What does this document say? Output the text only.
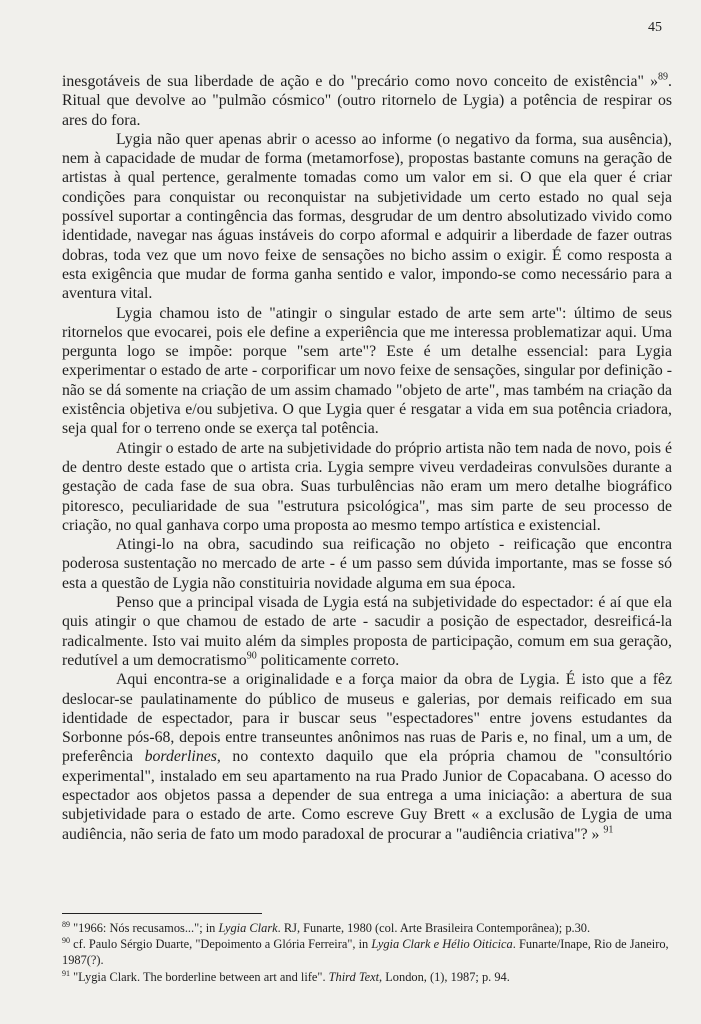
45

inesgotáveis de sua liberdade de ação e do "precário como novo conceito de existência" »$^{89}$. Ritual que devolve ao "pulmão cósmico" (outro ritornelo de Lygia) a potência de respirar os ares do fora.

Lygia não quer apenas abrir o acesso ao informe (o negativo da forma, sua ausência), nem à capacidade de mudar de forma (metamorfose), propostas bastante comuns na geração de artistas à qual pertence, geralmente tomadas como um valor em si. O que ela quer é criar condições para conquistar ou reconquistar na subjetividade um certo estado no qual seja possível suportar a contingência das formas, desgrudar de um dentro absolutizado vivido como identidade, navegar nas águas instáveis do corpo aformal e adquirir a liberdade de fazer outras dobras, toda vez que um novo feixe de sensações no bicho assim o exigir. É como resposta a esta exigência que mudar de forma ganha sentido e valor, impondo-se como necessário para a aventura vital.

Lygia chamou isto de "atingir o singular estado de arte sem arte": último de seus ritornelos que evocarei, pois ele define a experiência que me interessa problematizar aqui. Uma pergunta logo se impõe: porque "sem arte"? Este é um detalhe essencial: para Lygia experimentar o estado de arte - corporificar um novo feixe de sensações, singular por definição - não se dá somente na criação de um assim chamado "objeto de arte", mas também na criação da existência objetiva e/ou subjetiva. O que Lygia quer é resgatar a vida em sua potência criadora, seja qual for o terreno onde se exerça tal potência.

Atingir o estado de arte na subjetividade do próprio artista não tem nada de novo, pois é de dentro deste estado que o artista cria. Lygia sempre viveu verdadeiras convulsões durante a gestação de cada fase de sua obra. Suas turbulências não eram um mero detalhe biográfico pitoresco, peculiaridade de sua "estrutura psicológica", mas sim parte de seu processo de criação, no qual ganhava corpo uma proposta ao mesmo tempo artística e existencial.

Atingi-lo na obra, sacudindo sua reificação no objeto - reificação que encontra poderosa sustentação no mercado de arte - é um passo sem dúvida importante, mas se fosse só esta a questão de Lygia não constituiria novidade alguma em sua época.

Penso que a principal visada de Lygia está na subjetividade do espectador: é aí que ela quis atingir o que chamou de estado de arte - sacudir a posição de espectador, desreificá-la radicalmente. Isto vai muito além da simples proposta de participação, comum em sua geração, redutível a um democratismo$^{90}$ politicamente correto.

Aqui encontra-se a originalidade e a força maior da obra de Lygia. É isto que a fêz deslocar-se paulatinamente do público de museus e galerias, por demais reificado em sua identidade de espectador, para ir buscar seus "espectadores" entre jovens estudantes da Sorbonne pós-68, depois entre transeuntes anônimos nas ruas de Paris e, no final, um a um, de preferência borderlines, no contexto daquilo que ela própria chamou de "consultório experimental", instalado em seu apartamento na rua Prado Junior de Copacabana. O acesso do espectador aos objetos passa a depender de sua entrega a uma iniciação: a abertura de sua subjetividade para o estado de arte. Como escreve Guy Brett « a exclusão de Lygia de uma audiência, não seria de fato um modo paradoxal de procurar a "audiência criativa"? » $^{91}$

$^{89}$ "1966: Nós recusamos..."; in Lygia Clark. RJ, Funarte, 1980 (col. Arte Brasileira Contemporânea); p.30.

$^{90}$ cf. Paulo Sérgio Duarte, "Depoimento a Glória Ferreira", in Lygia Clark e Hélio Oiticica. Funarte/Inape, Rio de Janeiro, 1987(?).

$^{91}$ "Lygia Clark. The borderline between art and life". Third Text, London, (1), 1987; p. 94.
